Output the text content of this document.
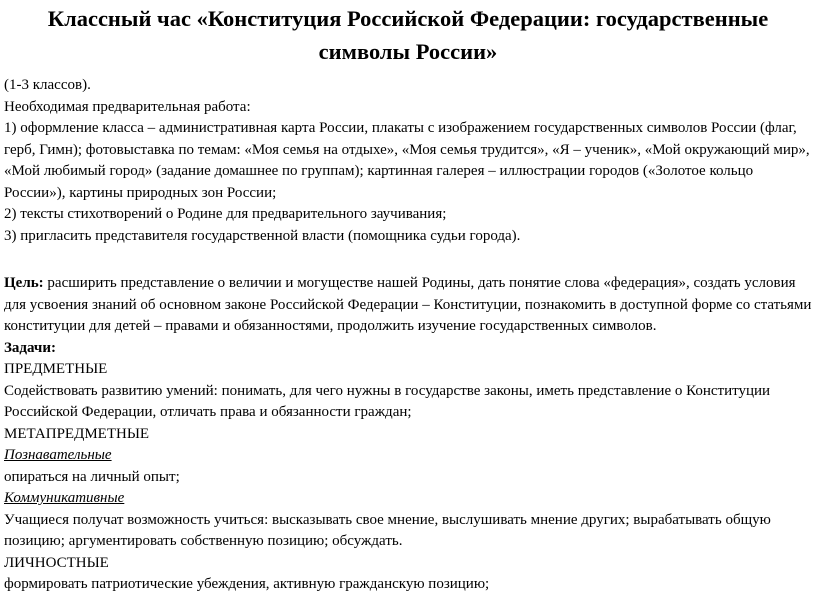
Классный час «Конституция Российской Федерации: государственные
символы России»

(1-3 классов).

Необходимая предварительная работа:

1) оформление класса – административная карта России, плакаты с изображением государственных символов России (флаг, герб, Гимн); фотовыставка по темам: «Моя семья на отдыхе», «Моя семья трудится», «Я – ученик», «Мой окружающий мир», «Мой любимый город» (задание домашнее по группам); картинная галерея – иллюстрации городов («Золотое кольцо России»), картины природных зон России;

2) тексты стихотворений о Родине для предварительного заучивания;

3) пригласить представителя государственной власти (помощника судьи города).

Цель: расширить представление о величии и могуществе нашей Родины, дать понятие слова «федерация», создать условия для усвоения знаний об основном законе Российской Федерации – Конституции, познакомить в доступной форме со статьями конституции для детей – правами и обязанностями, продолжить изучение государственных символов.

Задачи:

ПРЕДМЕТНЫЕ

Содействовать развитию умений: понимать, для чего нужны в государстве законы, иметь представление о Конституции Российской Федерации, отличать права и обязанности граждан;

МЕТАПРЕДМЕТНЫЕ

Познавательные

опираться на личный опыт;

Коммуникативные

Учащиеся получат возможность учиться: высказывать свое мнение, выслушивать мнение других; вырабатывать общую позицию; аргументировать собственную позицию; обсуждать.

ЛИЧНОСТНЫЕ

формировать патриотические убеждения, активную гражданскую позицию;
